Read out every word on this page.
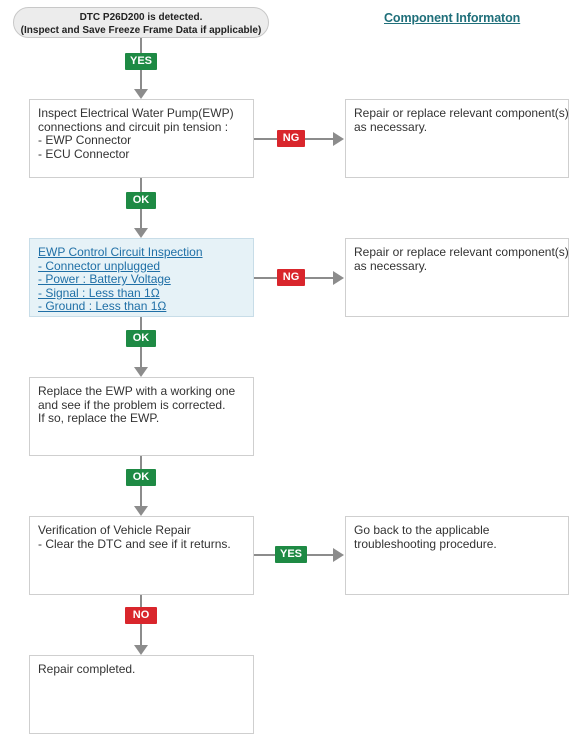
DTC P26D200 is detected.
(Inspect and Save Freeze Frame Data if applicable)
Component Informaton
YES
Inspect Electrical Water Pump(EWP)
connections and circuit pin tension :
- EWP Connector
- ECU Connector
NG
Repair or replace relevant component(s)
as necessary.
OK
EWP Control Circuit Inspection
- Connector unplugged
- Power : Battery Voltage
- Signal : Less than 1Ω
- Ground : Less than 1Ω
NG
Repair or replace relevant component(s)
as necessary.
OK
Replace the EWP with a working one
and see if the problem is corrected.
If so, replace the EWP.
OK
Verification of Vehicle Repair
- Clear the DTC and see if it returns.
YES
Go back to the applicable
troubleshooting procedure.
NO
Repair completed.
